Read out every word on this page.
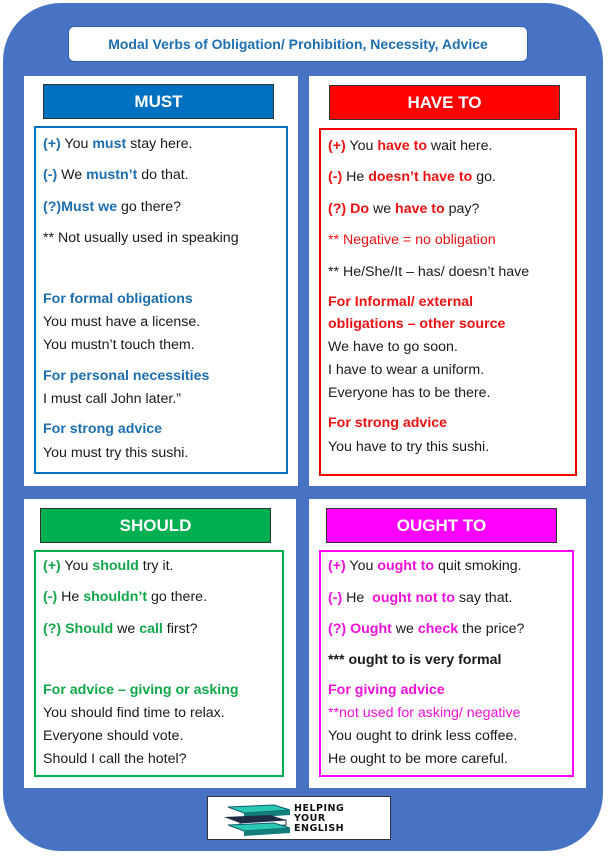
Modal Verbs of Obligation/ Prohibition, Necessity, Advice
MUST
(+) You must stay here.
(-) We mustn’t do that.
(?)Must we go there?
** Not usually used in speaking
For formal obligations
You must have a license.
You mustn’t touch them.
For personal necessities
I must call John later.”
For strong advice
You must try this sushi.
HAVE TO
(+) You have to wait here.
(-) He doesn’t have to go.
(?) Do we have to pay?
** Negative = no obligation
** He/She/It – has/ doesn’t have
For Informal/ external
obligations – other source
We have to go soon.
I have to wear a uniform.
Everyone has to be there.
For strong advice
You have to try this sushi.
SHOULD
(+) You should try it.
(-) He shouldn’t go there.
(?) Should we call first?
For advice – giving or asking
You should find time to relax.
Everyone should vote.
Should I call the hotel?
OUGHT TO
(+) You ought to quit smoking.
(-) He  ought not to say that.
(?) Ought we check the price?
*** ought to is very formal
For giving advice
**not used for asking/ negative
You ought to drink less coffee.
He ought to be more careful.
HELPING
YOUR
ENGLISH
